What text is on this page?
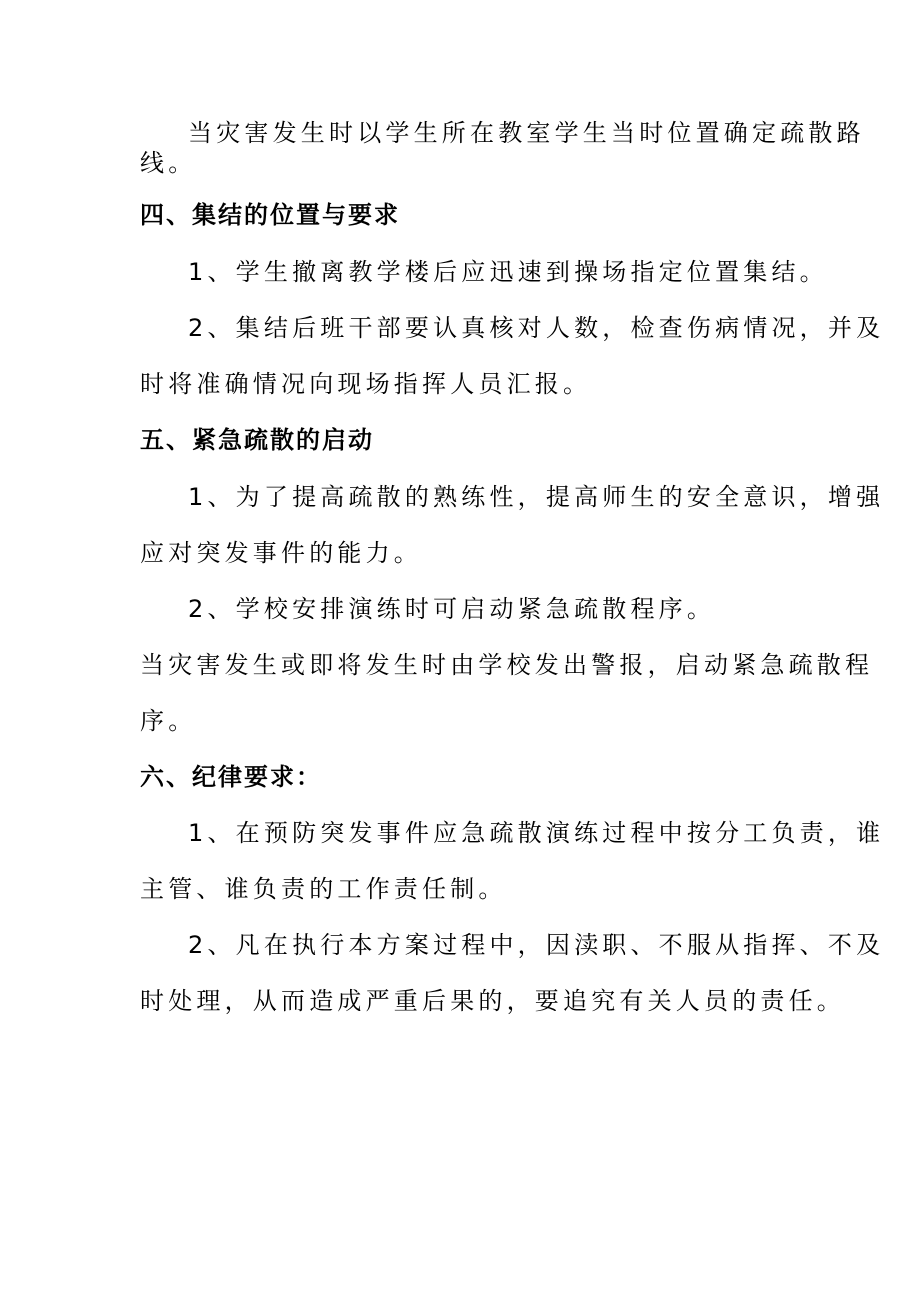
当灾害发生时以学生所在教室学生当时位置确定疏散路
线。
四、集结的位置与要求
1、学生撤离教学楼后应迅速到操场指定位置集结。
2、集结后班干部要认真核对人数，检查伤病情况，并及
时将准确情况向现场指挥人员汇报。
五、紧急疏散的启动
1、为了提高疏散的熟练性，提高师生的安全意识，增强
应对突发事件的能力。
2、学校安排演练时可启动紧急疏散程序。
当灾害发生或即将发生时由学校发出警报，启动紧急疏散程
序。
六、纪律要求：
1、在预防突发事件应急疏散演练过程中按分工负责，谁
主管、谁负责的工作责任制。
2、凡在执行本方案过程中，因渎职、不服从指挥、不及
时处理，从而造成严重后果的，要追究有关人员的责任。
